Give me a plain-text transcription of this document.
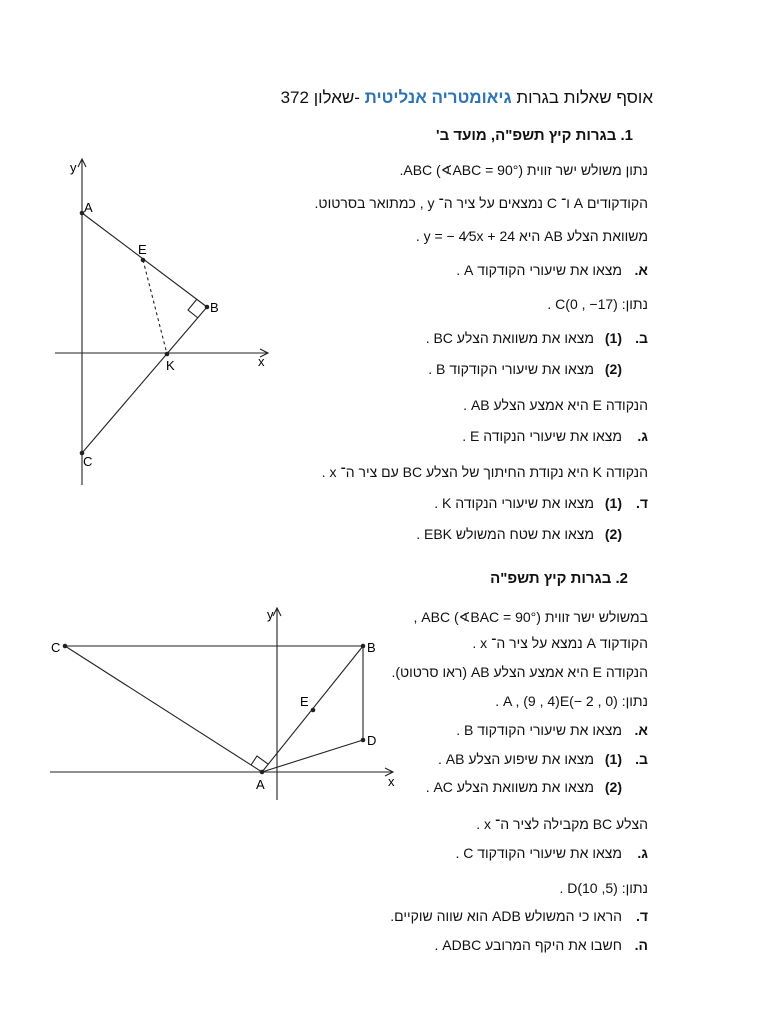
אוסף שאלות בגרות גיאומטריה אנליטית -שאלון 372
1. בגרות קיץ תשפ"ה, מועד ב'
נתון משולש ישר זווית ABC (∢ABC = 90°).
הקודקודים A ו־ C נמצאים על ציר ה־ y , כמתואר בסרטוט.
משוואת הצלע AB היא y = − 4⁄5x + 24 .
א.מצאו את שיעורי הקודקוד A .
נתון: C(0 , −17) .
ב.(1)מצאו את משוואת הצלע BC .
(2)מצאו את שיעורי הקודקוד B .
הנקודה E היא אמצע הצלע AB .
ג.מצאו את שיעורי הנקודה E .
הנקודה K היא נקודת החיתוך של הצלע BC עם ציר ה־ x .
ד.(1)מצאו את שיעורי הנקודה K .
(2)מצאו את שטח המשולש EBK .
y
x
A
E
B
K
C
2. בגרות קיץ תשפ"ה
במשולש ישר זווית ABC (∢BAC = 90°) ,
הקודקוד A נמצא על ציר ה־ x .
הנקודה E היא אמצע הצלע AB (ראו סרטוט).
נתון: (0 , 2 −)A , (9 , 4)E .
א.מצאו את שיעורי הקודקוד B .
ב.(1)מצאו את שיפוע הצלע AB .
(2)מצאו את משוואת הצלע AC .
הצלע BC מקבילה לציר ה־ x .
ג.מצאו את שיעורי הקודקוד C .
נתון: D(10 ,5) .
ד.הראו כי המשולש ADB הוא שווה שוקיים.
ה.חשבו את היקף המרובע ADBC .
y
x
C	B
E
D
A
